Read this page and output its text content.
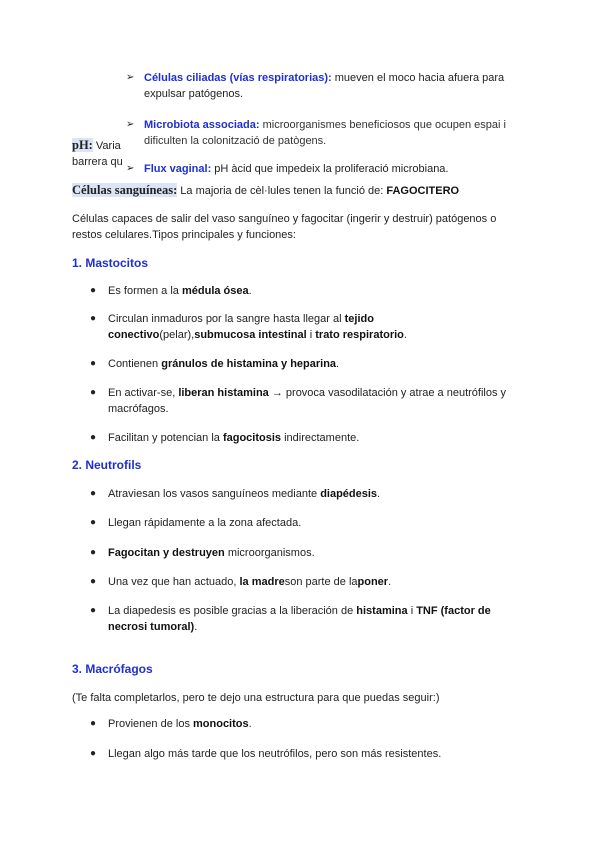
➢ Células ciliadas (vías respiratorias): mueven el moco hacia afuera para expulsar patógenos.
➢ Microbiota associada: microorganismes beneficiosos que ocupen espai i dificulten la colonització de patògens.
pH: Varia
barrera qu
➢ Flux vaginal: pH àcid que impedeix la proliferació microbiana.
Células sanguíneas: La majoria de cèl·lules tenen la funció de: FAGOCITERO
Células capaces de salir del vaso sanguíneo y fagocitar (ingerir y destruir) patógenos o restos celulares.Tipos principales y funciones:
1. Mastocitos
● Es formen a la médula ósea.
● Circulan inmaduros por la sangre hasta llegar al tejido conectivo(pelar),submucosa intestinal i trato respiratorio.
● Contienen gránulos de histamina y heparina.
● En activar-se, liberan histamina → provoca vasodilatación y atrae a neutrófilos y macrófagos.
● Facilitan y potencian la fagocitosis indirectamente.
2. Neutrofils
● Atraviesan los vasos sanguíneos mediante diapédesis.
● Llegan rápidamente a la zona afectada.
● Fagocitan y destruyen microorganismos.
● Una vez que han actuado, la madreson parte de laponer.
● La diapedesis es posible gracias a la liberación de histamina i TNF (factor de necrosi tumoral).
3. Macrófagos
(Te falta completarlos, pero te dejo una estructura para que puedas seguir:)
● Provienen de los monocitos.
● Llegan algo más tarde que los neutrófilos, pero son más resistentes.
